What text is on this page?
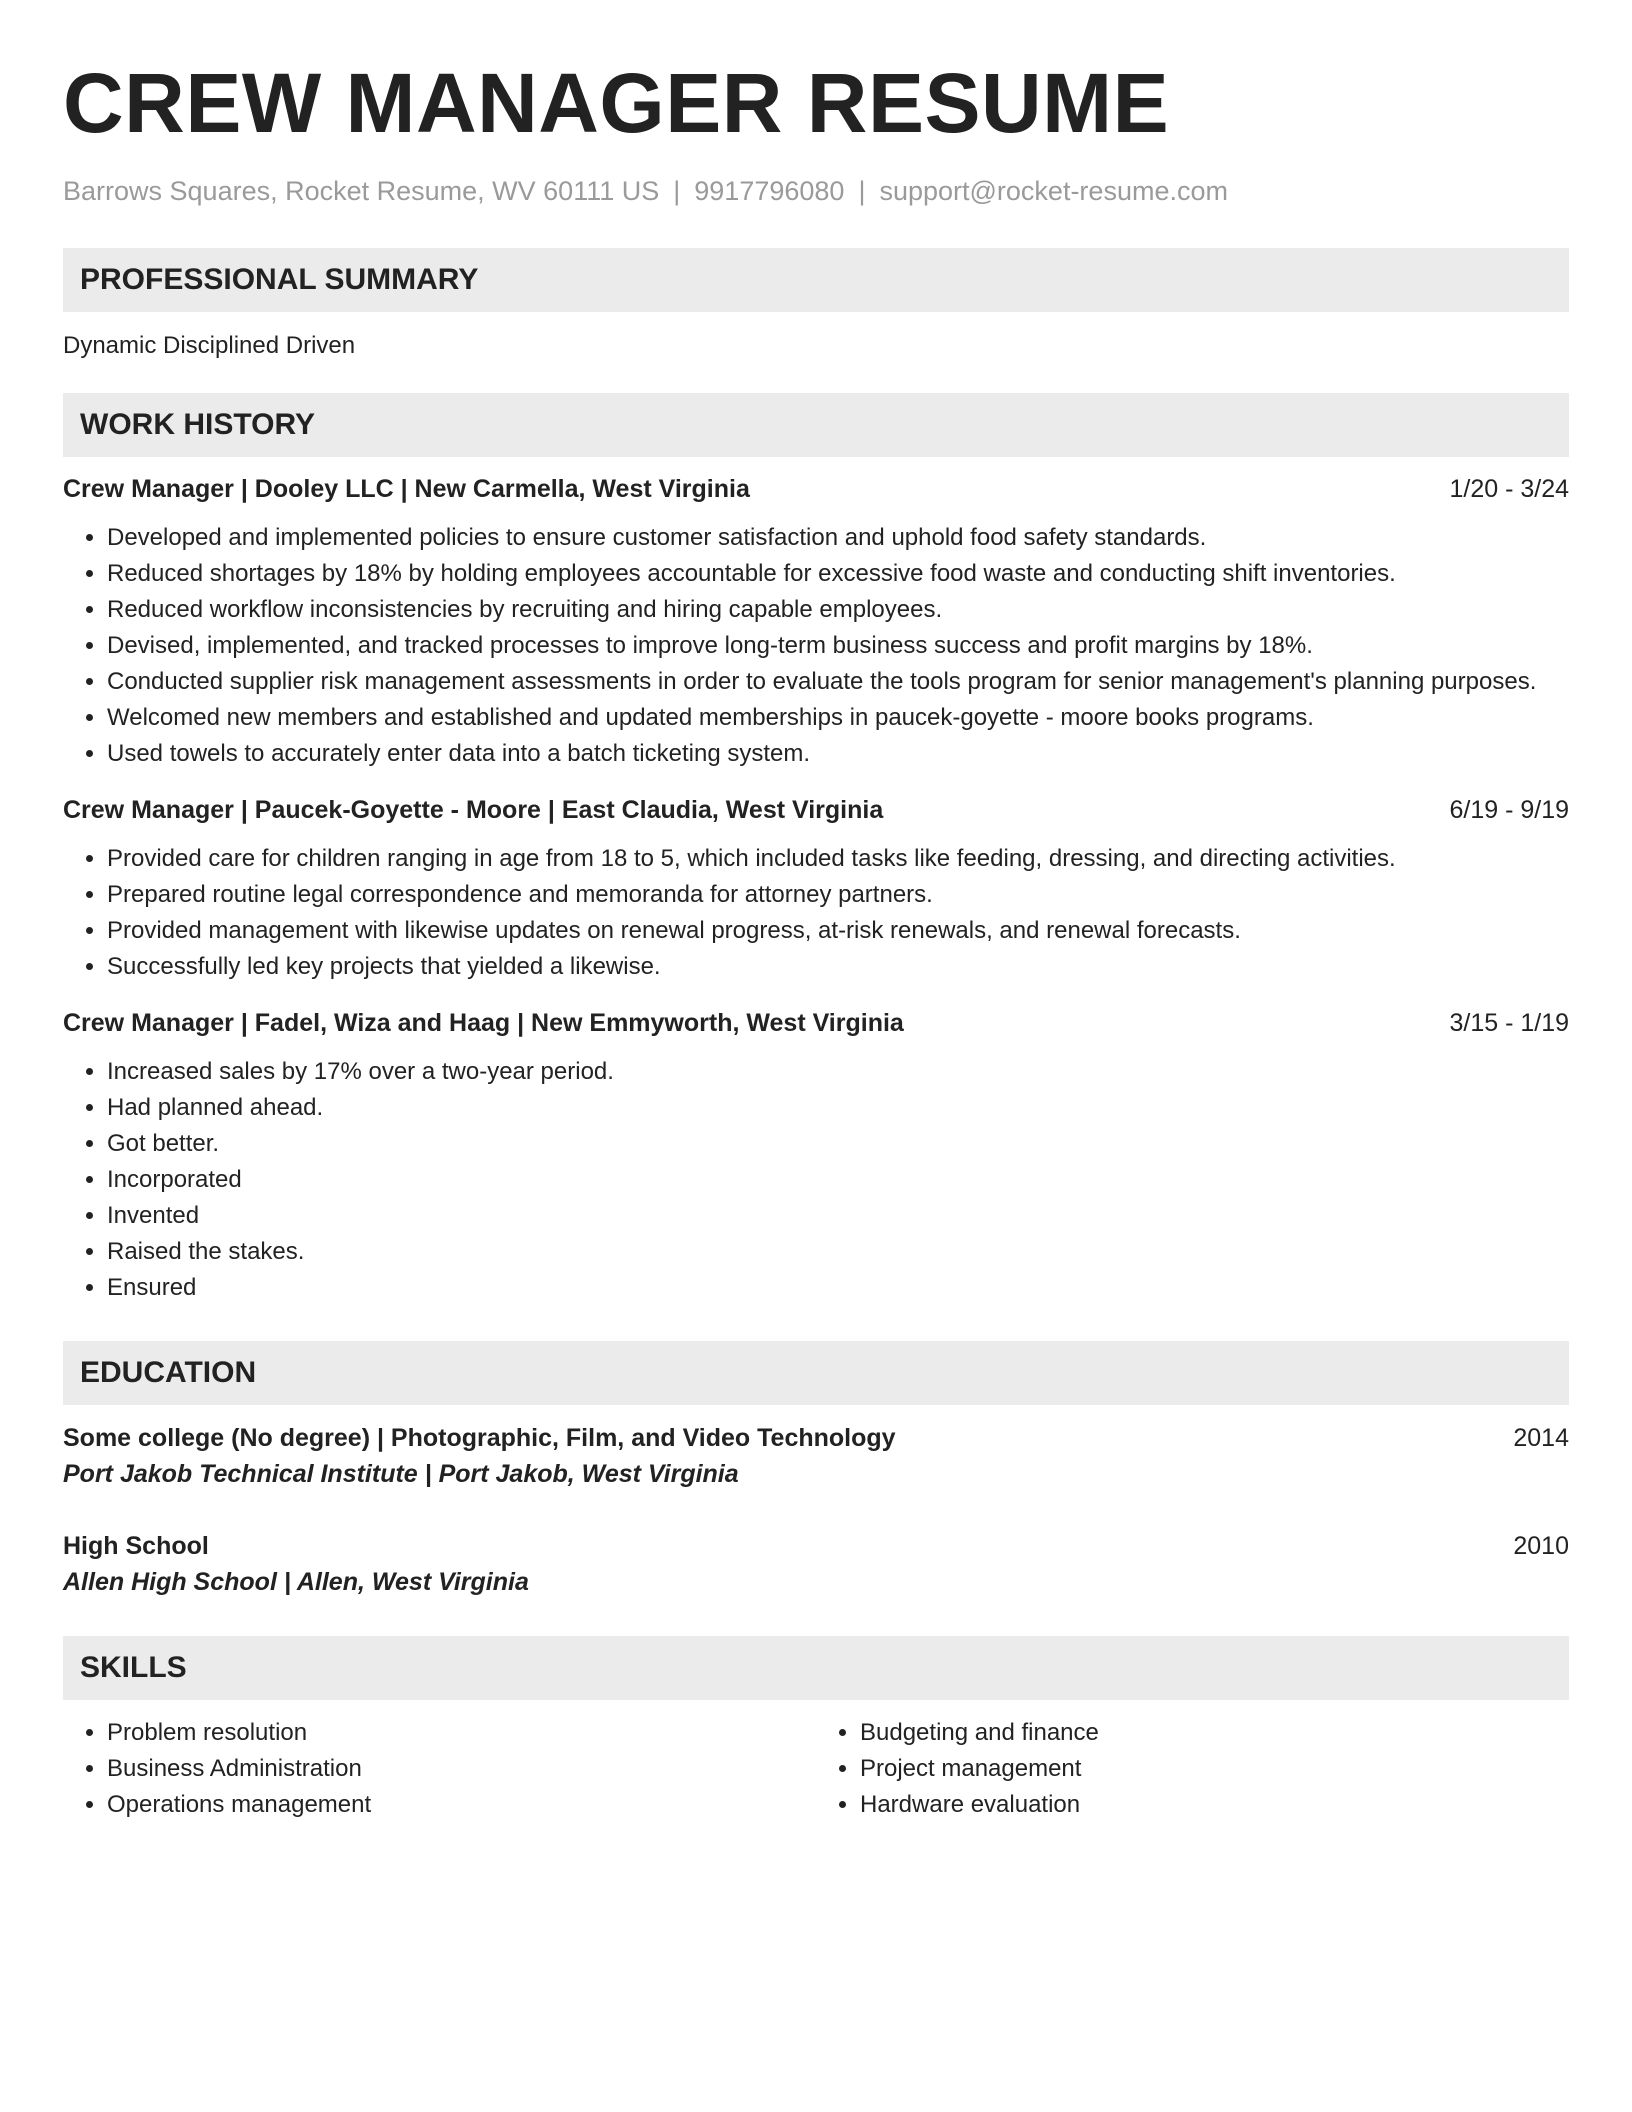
CREW MANAGER RESUME
Barrows Squares, Rocket Resume, WV 60111 US | 9917796080 | support@rocket-resume.com
PROFESSIONAL SUMMARY

Dynamic Disciplined Driven

WORK HISTORY
Crew Manager | Dooley LLC | New Carmella, West Virginia	1/20 - 3/24
• Developed and implemented policies to ensure customer satisfaction and uphold food safety standards.
• Reduced shortages by 18% by holding employees accountable for excessive food waste and conducting shift inventories.
• Reduced workflow inconsistencies by recruiting and hiring capable employees.
• Devised, implemented, and tracked processes to improve long-term business success and profit margins by 18%.
• Conducted supplier risk management assessments in order to evaluate the tools program for senior management's planning purposes.
• Welcomed new members and established and updated memberships in paucek-goyette - moore books programs.
• Used towels to accurately enter data into a batch ticketing system.
Crew Manager | Paucek-Goyette - Moore | East Claudia, West Virginia	6/19 - 9/19
• Provided care for children ranging in age from 18 to 5, which included tasks like feeding, dressing, and directing activities.
• Prepared routine legal correspondence and memoranda for attorney partners.
• Provided management with likewise updates on renewal progress, at-risk renewals, and renewal forecasts.
• Successfully led key projects that yielded a likewise.
Crew Manager | Fadel, Wiza and Haag | New Emmyworth, West Virginia	3/15 - 1/19
• Increased sales by 17% over a two-year period.
• Had planned ahead.
• Got better.
• Incorporated
• Invented
• Raised the stakes.
• Ensured
EDUCATION
Some college (No degree) | Photographic, Film, and Video Technology	2014
Port Jakob Technical Institute | Port Jakob, West Virginia
High School	2010
Allen High School | Allen, West Virginia
SKILLS
• Problem resolution
• Business Administration
• Operations management
• Budgeting and finance
• Project management
• Hardware evaluation
